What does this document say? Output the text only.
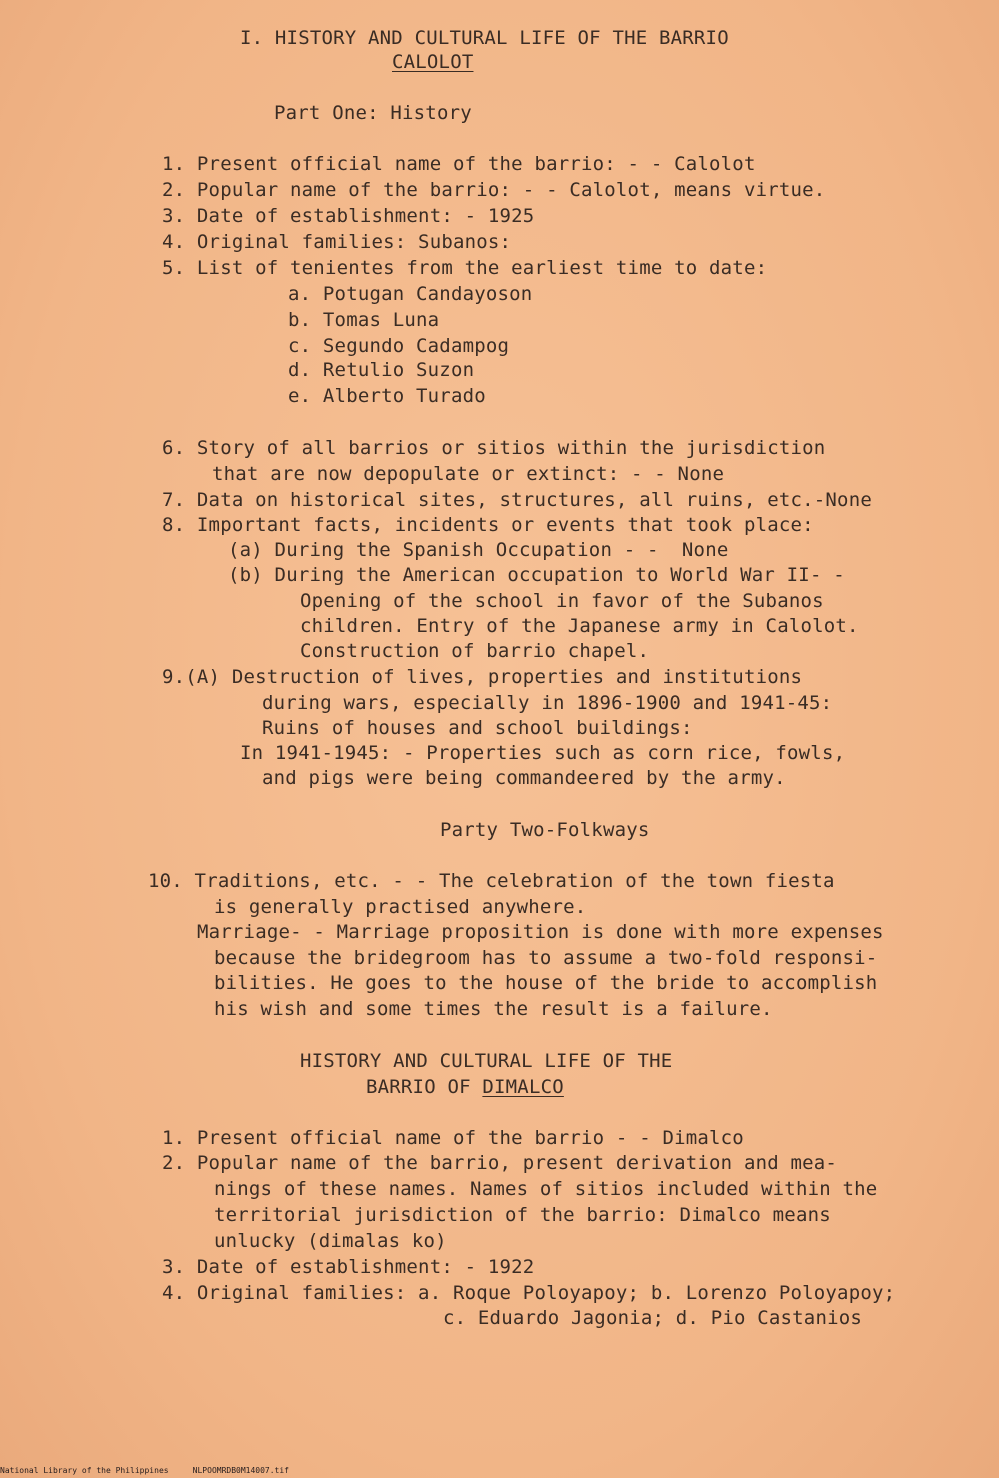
I. HISTORY AND CULTURAL LIFE OF THE BARRIO
CALOLOT
Part One: History
1. Present official name of the barrio: - - Calolot
2. Popular name of the barrio: - - Calolot, means virtue.
3. Date of establishment: - 1925
4. Original families: Subanos:
5. List of tenientes from the earliest time to date:
a. Potugan Candayoson
b. Tomas Luna
c. Segundo Cadampog
d. Retulio Suzon
e. Alberto Turado
6. Story of all barrios or sitios within the jurisdiction
that are now depopulate or extinct: - - None
7. Data on historical sites, structures, all ruins, etc.-None
8. Important facts, incidents or events that took place:
(a) During the Spanish Occupation - -  None
(b) During the American occupation to World War II- -
Opening of the school in favor of the Subanos
children. Entry of the Japanese army in Calolot.
Construction of barrio chapel.
9.(A) Destruction of lives, properties and institutions
during wars, especially in 1896-1900 and 1941-45:
Ruins of houses and school buildings:
In 1941-1945: - Properties such as corn rice, fowls,
and pigs were being commandeered by the army.
Party Two-Folkways
10. Traditions, etc. - - The celebration of the town fiesta
is generally practised anywhere.
Marriage- - Marriage proposition is done with more expenses
because the bridegroom has to assume a two-fold responsi-
bilities. He goes to the house of the bride to accomplish
his wish and some times the result is a failure.
HISTORY AND CULTURAL LIFE OF THE
BARRIO OF DIMALCO
1. Present official name of the barrio - - Dimalco
2. Popular name of the barrio, present derivation and mea-
nings of these names. Names of sitios included within the
territorial jurisdiction of the barrio: Dimalco means
unlucky (dimalas ko)
3. Date of establishment: - 1922
4. Original families: a. Roque Poloyapoy; b. Lorenzo Poloyapoy;
c. Eduardo Jagonia; d. Pio Castanios
National Library of the Philippines	NLPOOMRDB0M14007.tif
